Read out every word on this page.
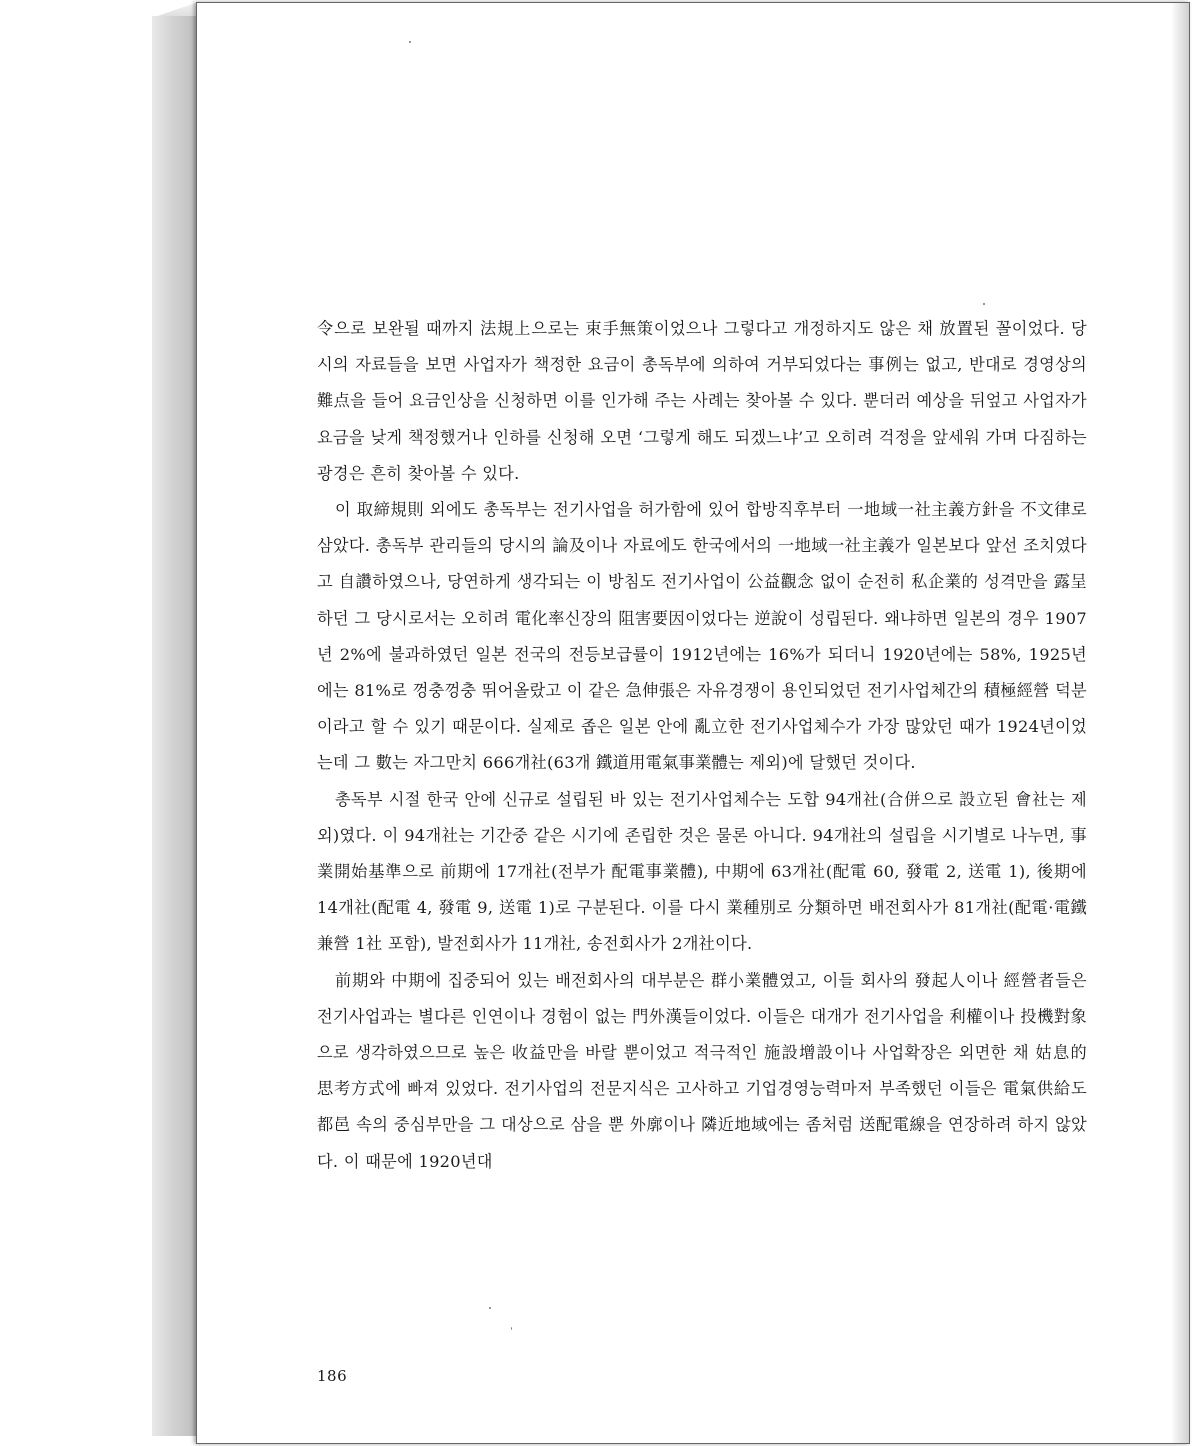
令으로 보완될 때까지 法規上으로는 束手無策이었으나 그렇다고 개정하지도 않은 채 放置된 꼴이었다. 당시의 자료들을 보면 사업자가 책정한 요금이 총독부에 의하여 거부되었다는 事例는 없고, 반대로 경영상의 難点을 들어 요금인상을 신청하면 이를 인가해 주는 사례는 찾아볼 수 있다. 뿐더러 예상을 뒤엎고 사업자가 요금을 낮게 책정했거나 인하를 신청해 오면 ‘그렇게 해도 되겠느냐’고 오히려 걱정을 앞세워 가며 다짐하는 광경은 흔히 찾아볼 수 있다.

이 取締規則 외에도 총독부는 전기사업을 허가함에 있어 합방직후부터 一地域一社主義方針을 不文律로 삼았다. 총독부 관리들의 당시의 論及이나 자료에도 한국에서의 一地域一社主義가 일본보다 앞선 조치였다고 自讚하였으나, 당연하게 생각되는 이 방침도 전기사업이 公益觀念 없이 순전히 私企業的 성격만을 露呈하던 그 당시로서는 오히려 電化率신장의 阻害要因이었다는 逆說이 성립된다. 왜냐하면 일본의 경우 1907년 2%에 불과하였던 일본 전국의 전등보급률이 1912년에는 16%가 되더니 1920년에는 58%, 1925년에는 81%로 껑충껑충 뛰어올랐고 이 같은 急伸張은 자유경쟁이 용인되었던 전기사업체간의 積極經營 덕분이라고 할 수 있기 때문이다. 실제로 좁은 일본 안에 亂立한 전기사업체수가 가장 많았던 때가 1924년이었는데 그 數는 자그만치 666개社(63개 鐵道用電氣事業體는 제외)에 달했던 것이다.

총독부 시절 한국 안에 신규로 설립된 바 있는 전기사업체수는 도합 94개社(合併으로 設立된 會社는 제외)였다. 이 94개社는 기간중 같은 시기에 존립한 것은 물론 아니다. 94개社의 설립을 시기별로 나누면, 事業開始基準으로 前期에 17개社(전부가 配電事業體), 中期에 63개社(配電 60, 發電 2, 送電 1), 後期에 14개社(配電 4, 發電 9, 送電 1)로 구분된다. 이를 다시 業種別로 分類하면 배전회사가 81개社(配電·電鐵兼營 1社 포함), 발전회사가 11개社, 송전회사가 2개社이다.

前期와 中期에 집중되어 있는 배전회사의 대부분은 群小業體였고, 이들 회사의 發起人이나 經營者들은 전기사업과는 별다른 인연이나 경험이 없는 門外漢들이었다. 이들은 대개가 전기사업을 利權이나 投機對象으로 생각하였으므로 높은 收益만을 바랄 뿐이었고 적극적인 施設增設이나 사업확장은 외면한 채 姑息的 思考方式에 빠져 있었다. 전기사업의 전문지식은 고사하고 기업경영능력마저 부족했던 이들은 電氣供給도 都邑 속의 중심부만을 그 대상으로 삼을 뿐 外廓이나 隣近地域에는 좀처럼 送配電線을 연장하려 하지 않았다. 이 때문에 1920년대

186
